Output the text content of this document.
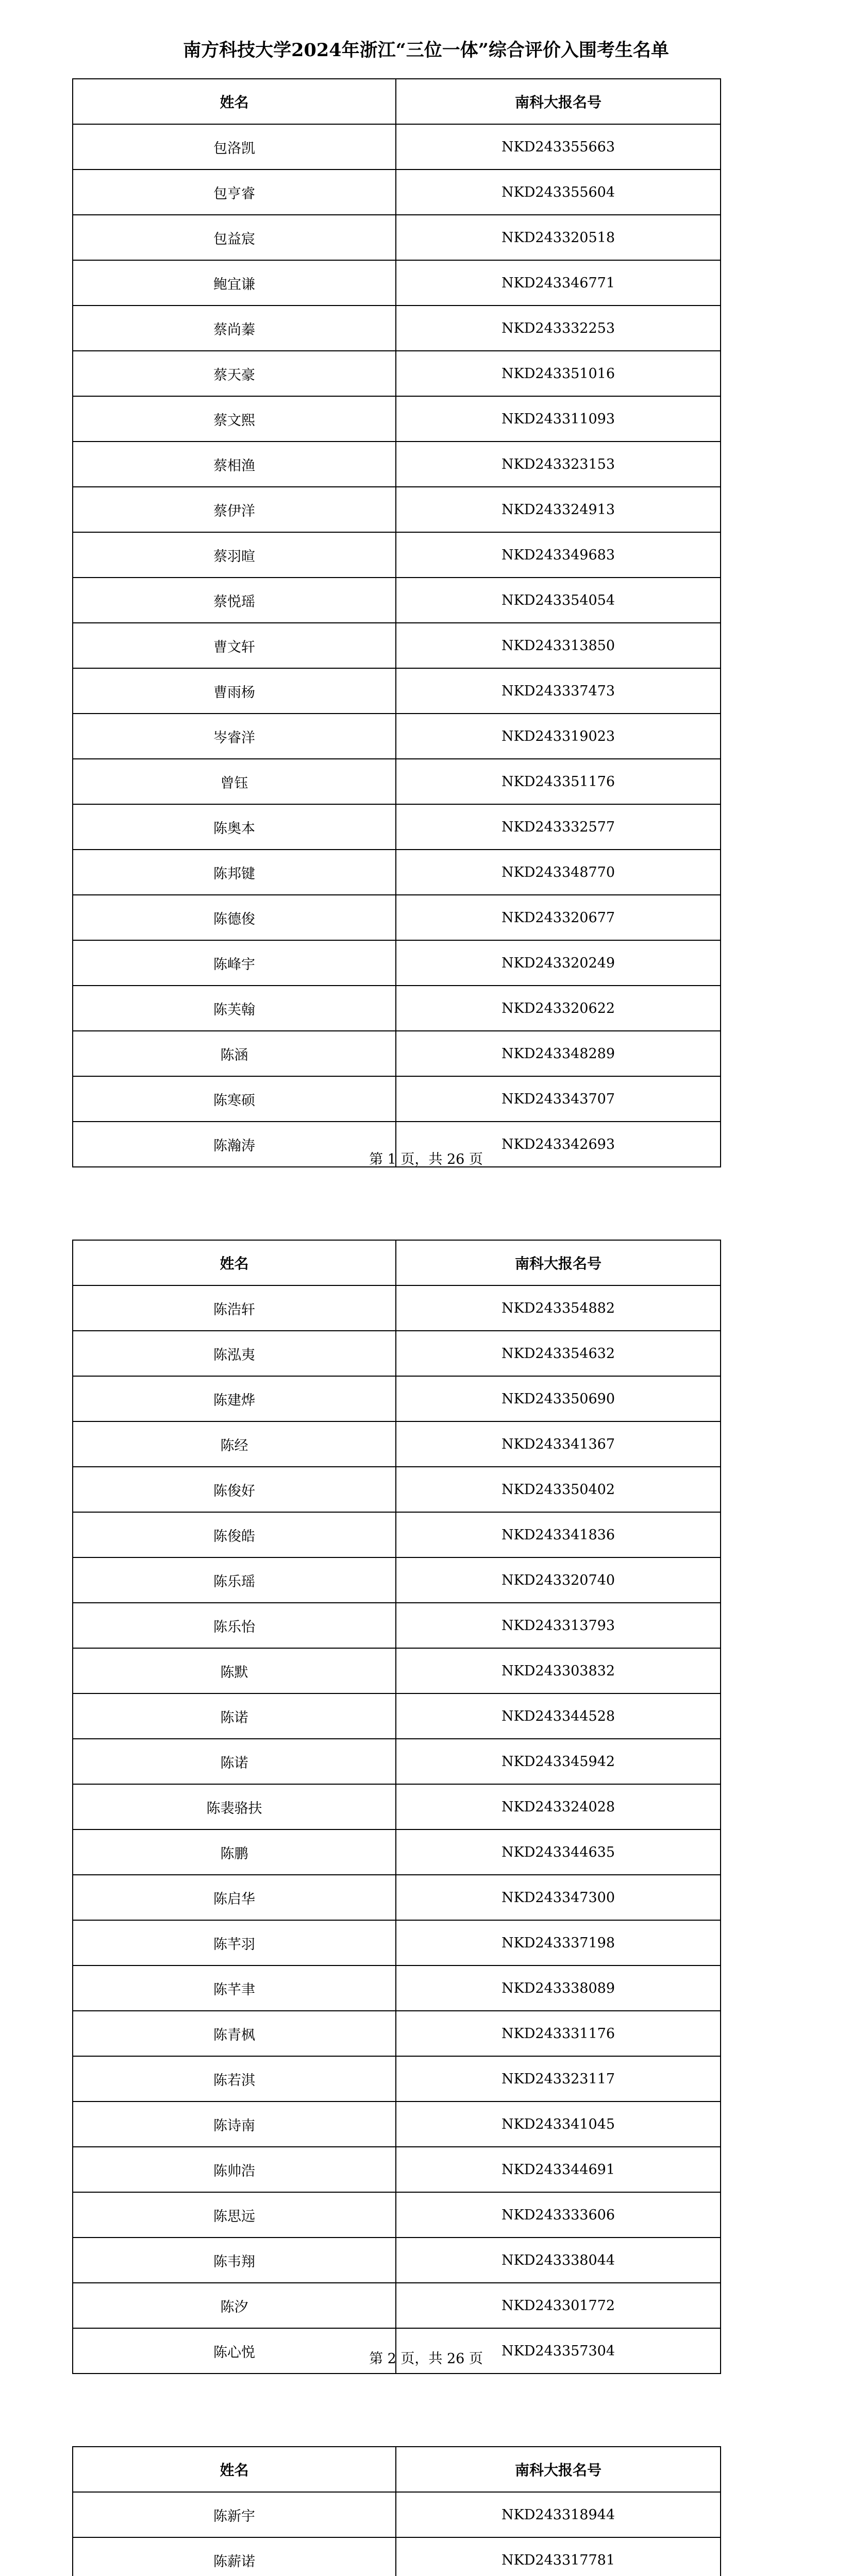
南方科技大学2024年浙江“三位一体”综合评价入围考生名单
姓名	南科大报名号
包洛凯	NKD243355663
包亨睿	NKD243355604
包益宸	NKD243320518
鲍宜谦	NKD243346771
蔡尚蓁	NKD243332253
蔡天豪	NKD243351016
蔡文熙	NKD243311093
蔡相渔	NKD243323153
蔡伊洋	NKD243324913
蔡羽暄	NKD243349683
蔡悦瑶	NKD243354054
曹文轩	NKD243313850
曹雨杨	NKD243337473
岑睿洋	NKD243319023
曾钰	NKD243351176
陈奥本	NKD243332577
陈邦键	NKD243348770
陈德俊	NKD243320677
陈峰宇	NKD243320249
陈芙翰	NKD243320622
陈涵	NKD243348289
陈寒硕	NKD243343707
陈瀚涛	NKD243342693
第 1 页，共 26 页
姓名	南科大报名号
陈浩轩	NKD243354882
陈泓夷	NKD243354632
陈建烨	NKD243350690
陈经	NKD243341367
陈俊好	NKD243350402
陈俊皓	NKD243341836
陈乐瑶	NKD243320740
陈乐怡	NKD243313793
陈默	NKD243303832
陈诺	NKD243344528
陈诺	NKD243345942
陈裴骆扶	NKD243324028
陈鹏	NKD243344635
陈启华	NKD243347300
陈芊羽	NKD243337198
陈芊聿	NKD243338089
陈青枫	NKD243331176
陈若淇	NKD243323117
陈诗南	NKD243341045
陈帅浩	NKD243344691
陈思远	NKD243333606
陈韦翔	NKD243338044
陈汐	NKD243301772
陈心悦	NKD243357304
第 2 页，共 26 页
姓名	南科大报名号
陈新宇	NKD243318944
陈薪诺	NKD243317781
